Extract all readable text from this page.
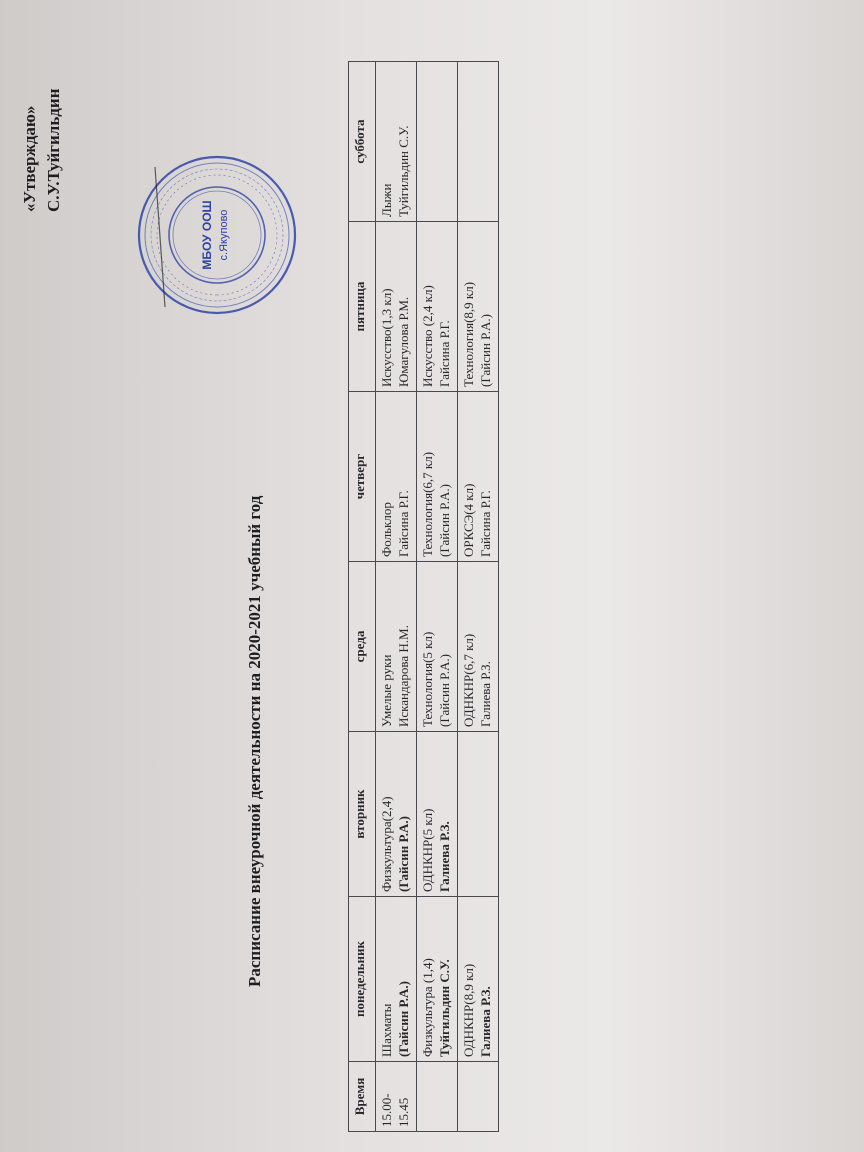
«Утверждаю» С.У.Туйгильдин
МБОУ ООШ с.Якупово
Расписание внеурочной деятельности на 2020-2021 учебный год
Время	понедельник	вторник	среда	четверг	пятница	суббота
15.00-15.45	Шахматы (Гайсин Р.А.)	Физкультура(2,4) (Гайсин Р.А.)	Умелые руки Искандарова Н.М.	Фольклор Гайсина Р.Г.	Искусство(1,3 кл) Юмагулова Р.М.	Лыжи Туйгильдин С.У.

	Физкультура (1,4) Туйгильдин С.У.	ОДНКНР(5 кл) Галиева Р.З.	Технология(5 кл) (Гайсин Р.А.)	Технология(6,7 кл) (Гайсин Р.А.)	Искусство (2,4 кл) Гайсина Р.Г.	

	ОДНКНР(8,9 кл) Галиева Р.З.		ОДНКНР(6,7 кл) Галиева Р.З.	ОРКСЭ(4 кл) Гайсина Р.Г.	Технология(8,9 кл) (Гайсин Р.А.)	
